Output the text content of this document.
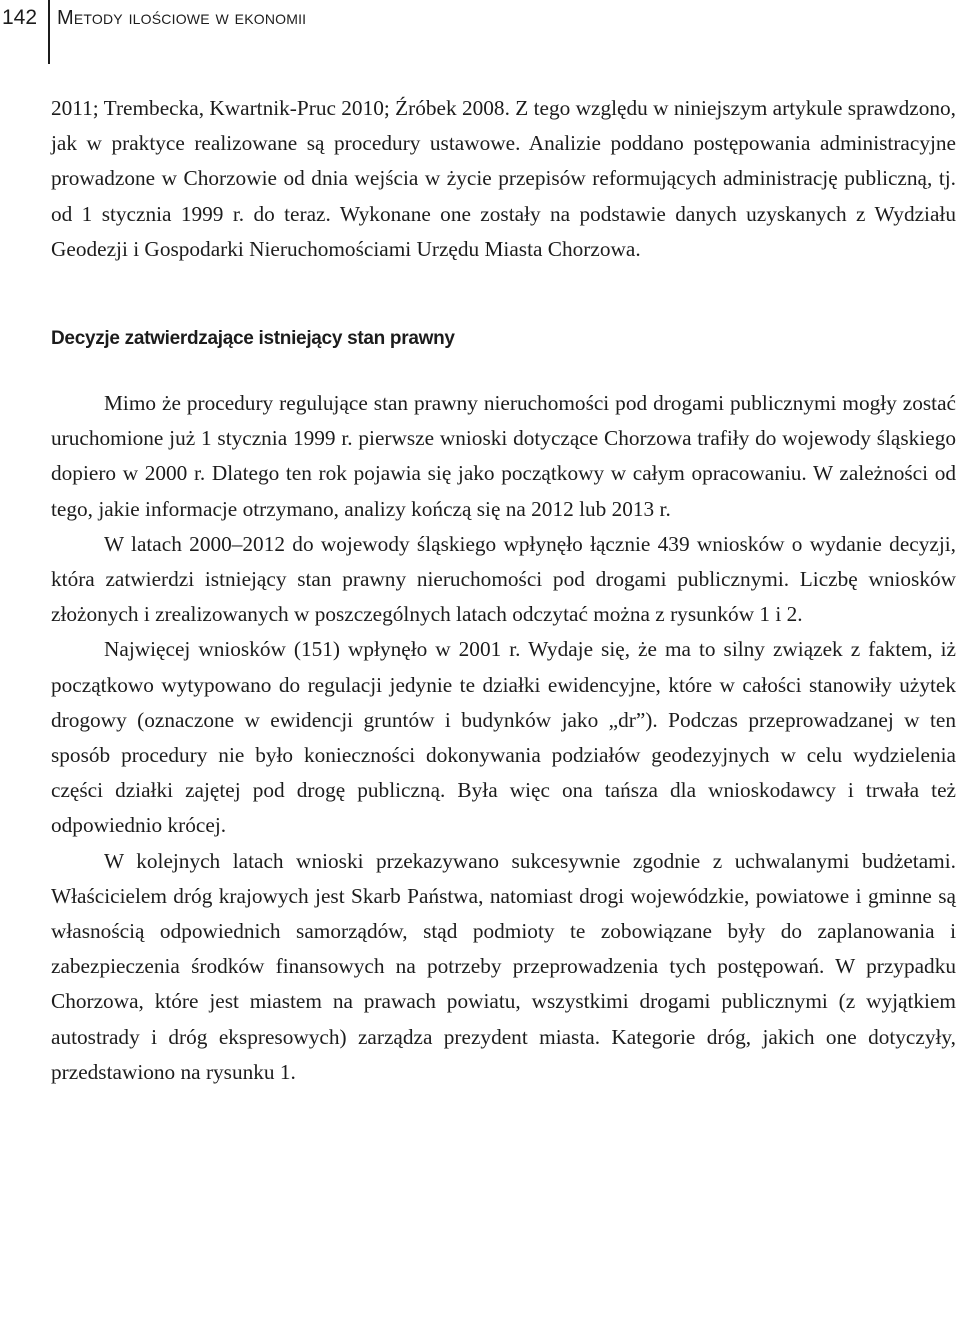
142 Metody ilościowe w ekonomii

2011; Trembecka, Kwartnik-Pruc 2010; Źróbek 2008. Z tego względu w niniejszym artykule sprawdzono, jak w praktyce realizowane są procedury ustawowe. Analizie poddano postępowania administracyjne prowadzone w Chorzowie od dnia wejścia w życie przepisów reformujących administrację publiczną, tj. od 1 stycznia 1999 r. do teraz. Wykonane one zostały na podstawie danych uzyskanych z Wydziału Geodezji i Gospodarki Nieruchomościami Urzędu Miasta Chorzowa.

Decyzje zatwierdzające istniejący stan prawny

Mimo że procedury regulujące stan prawny nieruchomości pod drogami publicznymi mogły zostać uruchomione już 1 stycznia 1999 r. pierwsze wnioski dotyczące Chorzowa trafiły do wojewody śląskiego dopiero w 2000 r. Dlatego ten rok pojawia się jako początkowy w całym opracowaniu. W zależności od tego, jakie informacje otrzymano, analizy kończą się na 2012 lub 2013 r.

W latach 2000–2012 do wojewody śląskiego wpłynęło łącznie 439 wniosków o wydanie decyzji, która zatwierdzi istniejący stan prawny nieruchomości pod drogami publicznymi. Liczbę wniosków złożonych i zrealizowanych w poszczególnych latach odczytać można z rysunków 1 i 2.

Najwięcej wniosków (151) wpłynęło w 2001 r. Wydaje się, że ma to silny związek z faktem, iż początkowo wytypowano do regulacji jedynie te działki ewidencyjne, które w całości stanowiły użytek drogowy (oznaczone w ewidencji gruntów i budynków jako „dr”). Podczas przeprowadzanej w ten sposób procedury nie było konieczności dokonywania podziałów geodezyjnych w celu wydzielenia części działki zajętej pod drogę publiczną. Była więc ona tańsza dla wnioskodawcy i trwała też odpowiednio krócej.

W kolejnych latach wnioski przekazywano sukcesywnie zgodnie z uchwalanymi budżetami. Właścicielem dróg krajowych jest Skarb Państwa, natomiast drogi wojewódzkie, powiatowe i gminne są własnością odpowiednich samorządów, stąd podmioty te zobowiązane były do zaplanowania i zabezpieczenia środków finansowych na potrzeby przeprowadzenia tych postępowań. W przypadku Chorzowa, które jest miastem na prawach powiatu, wszystkimi drogami publicznymi (z wyjątkiem autostrady i dróg ekspresowych) zarządza prezydent miasta. Kategorie dróg, jakich one dotyczyły, przedstawiono na rysunku 1.
